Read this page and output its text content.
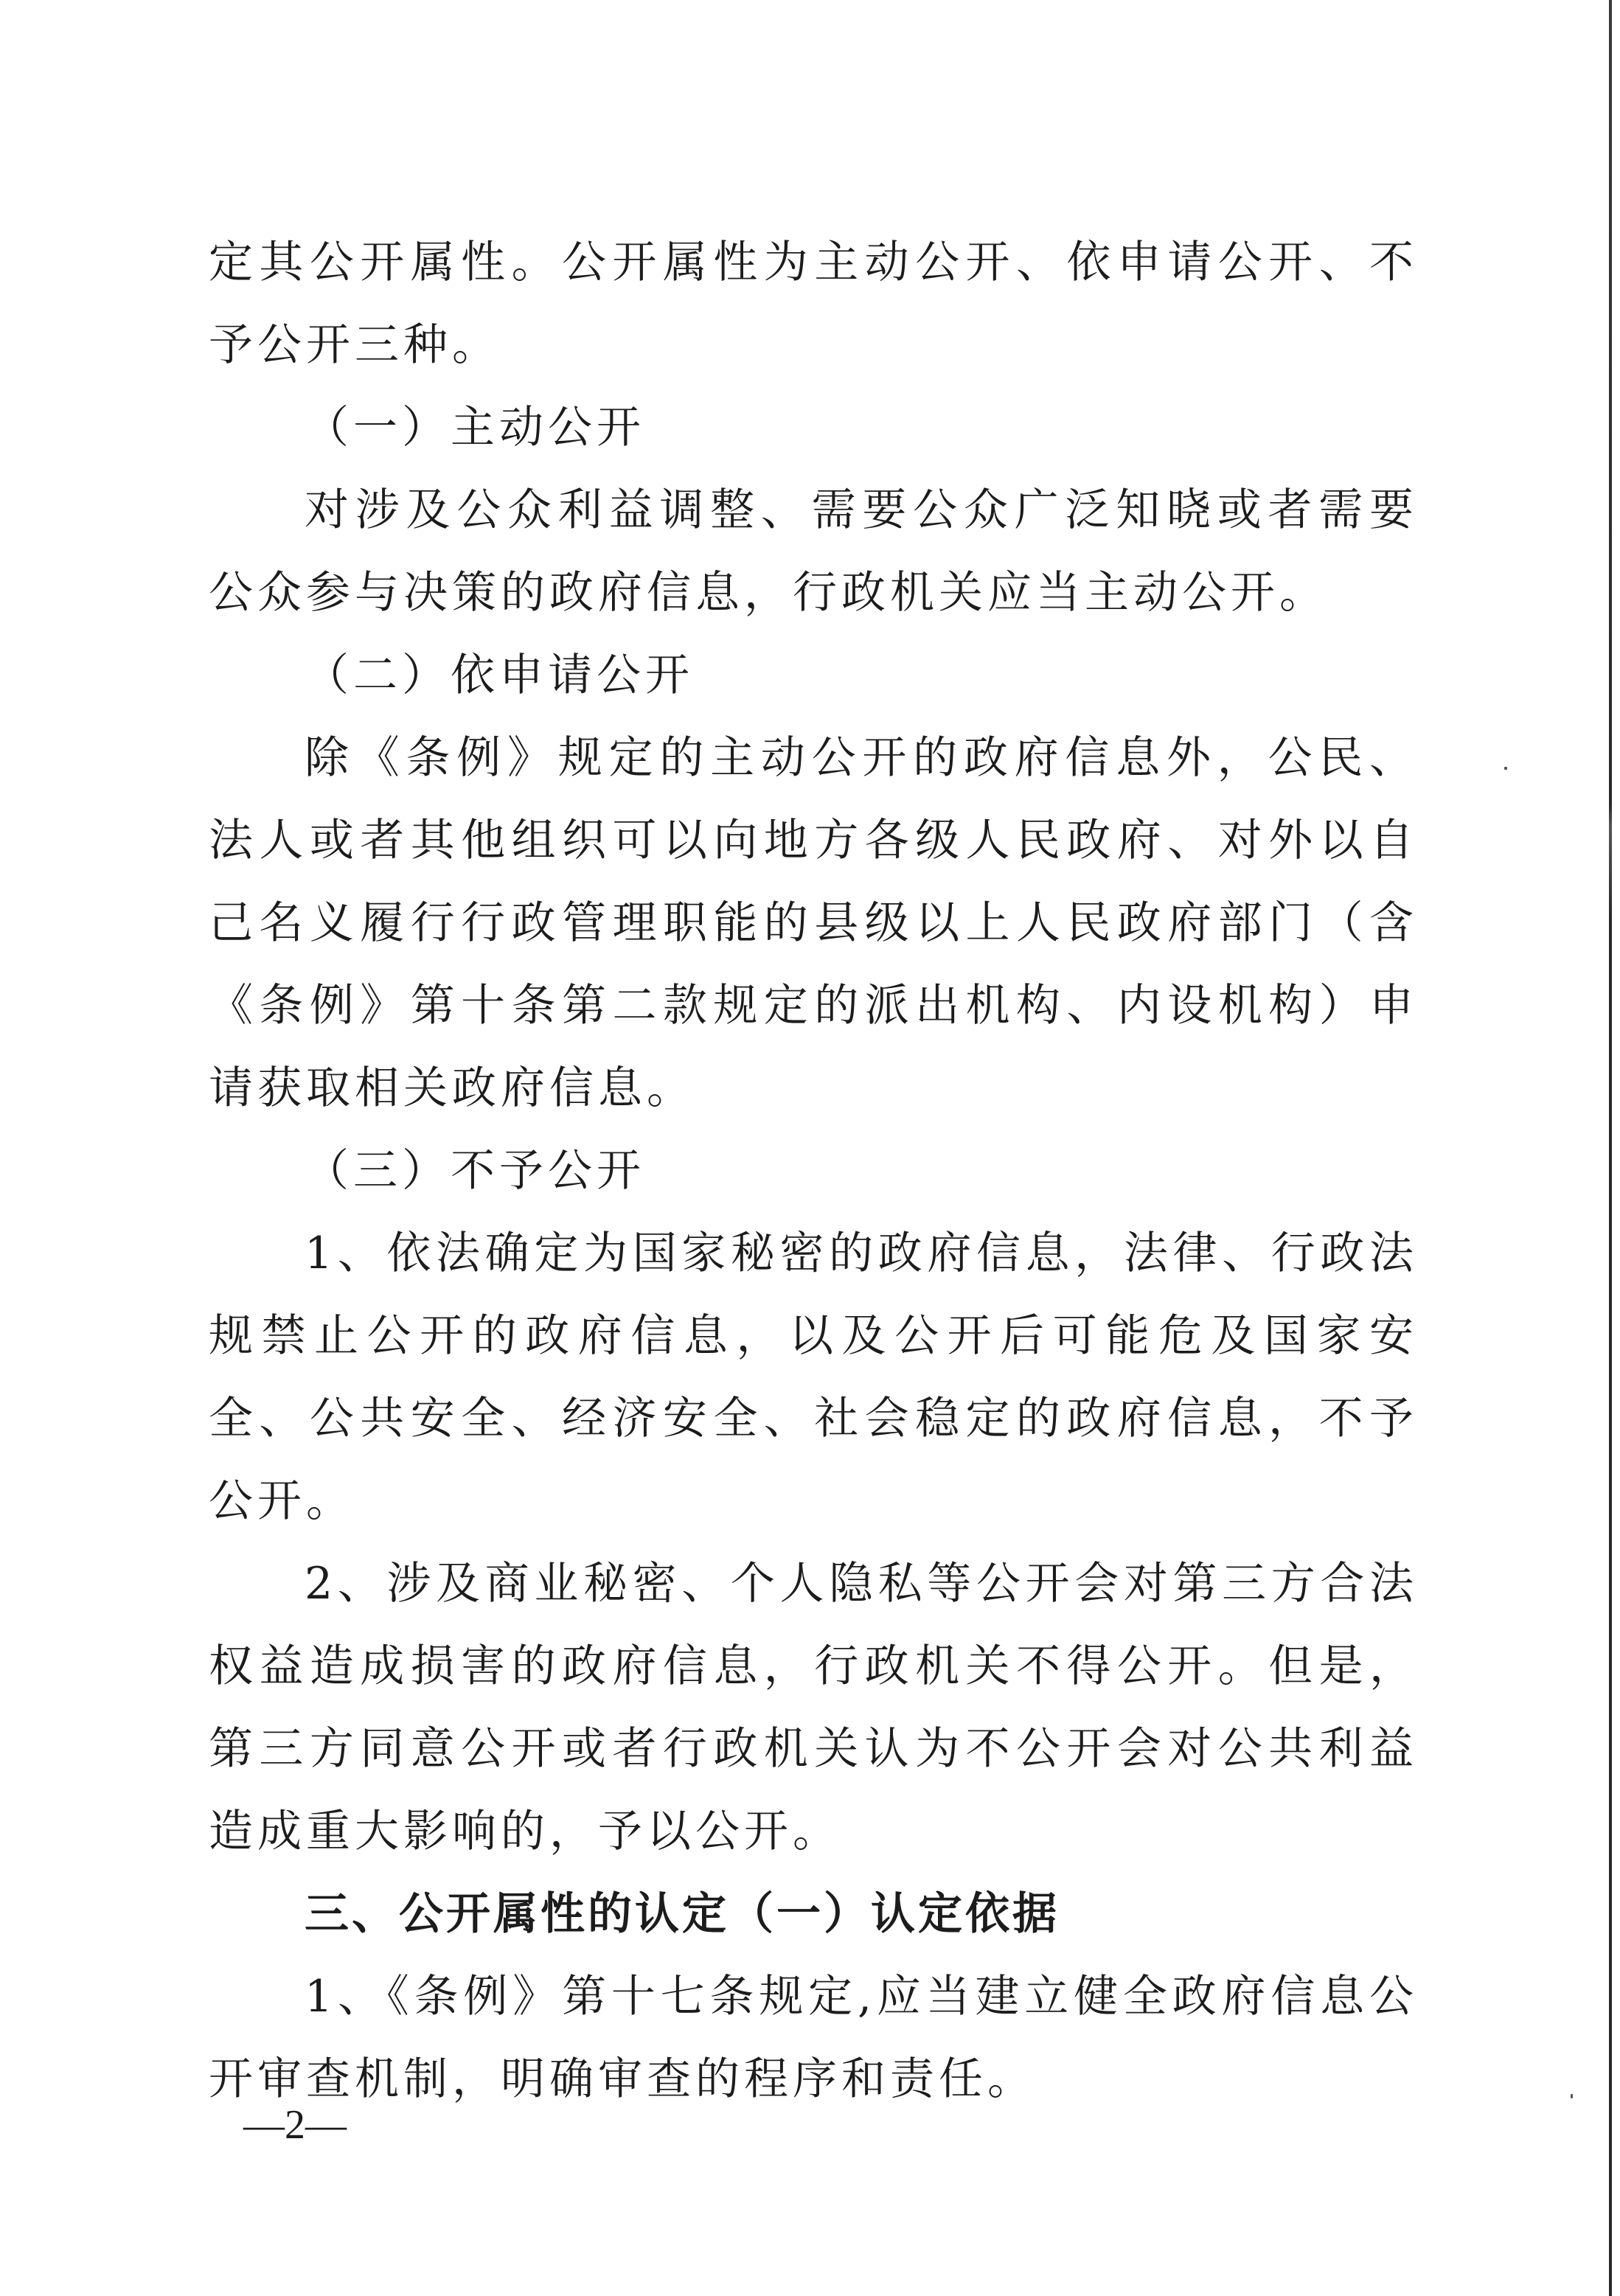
定其公开属性。公开属性为主动公开、依申请公开、不予公开三种。

（一）主动公开

对涉及公众利益调整、需要公众广泛知晓或者需要公众参与决策的政府信息，行政机关应当主动公开。

（二）依申请公开

除《条例》规定的主动公开的政府信息外，公民、法人或者其他组织可以向地方各级人民政府、对外以自己名义履行行政管理职能的县级以上人民政府部门（含《条例》第十条第二款规定的派出机构、内设机构）申请获取相关政府信息。

（三）不予公开

1、依法确定为国家秘密的政府信息，法律、行政法规禁止公开的政府信息，以及公开后可能危及国家安全、公共安全、经济安全、社会稳定的政府信息，不予公开。

2、涉及商业秘密、个人隐私等公开会对第三方合法权益造成损害的政府信息，行政机关不得公开。但是，第三方同意公开或者行政机关认为不公开会对公共利益造成重大影响的，予以公开。

三、公开属性的认定（一）认定依据

1、《条例》第十七条规定,应当建立健全政府信息公开审查机制，明确审查的程序和责任。

—2—
